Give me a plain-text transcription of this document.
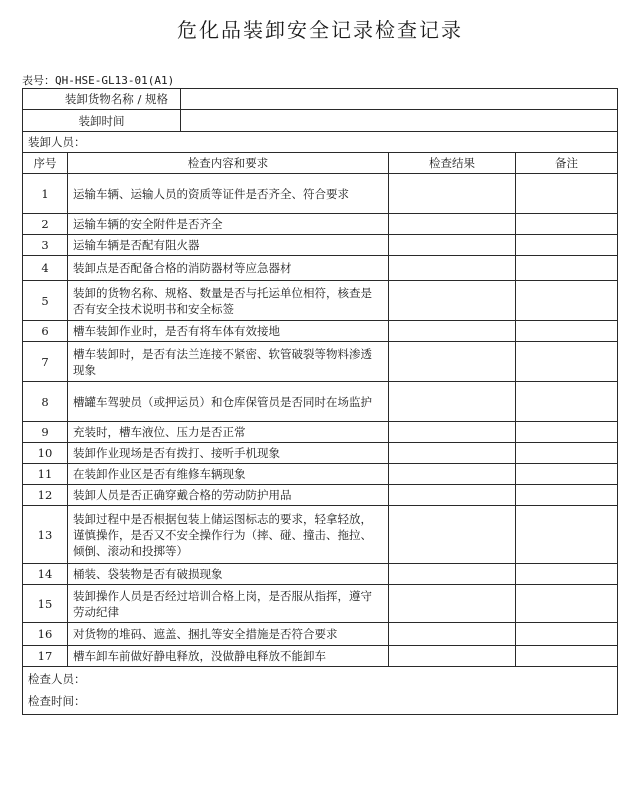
危化品装卸安全记录检查记录
表号：QH-HSE-GL13-01(A1)
装卸货物名称 / 规格				
装卸时间				
装卸人员：				
序号	检查内容和要求		检查结果	备注
1	运输车辆、运输人员的资质等证件是否齐全、符合要求			
2	运输车辆的安全附件是否齐全			
3	运输车辆是否配有阻火器			
4	装卸点是否配备合格的消防器材等应急器材			
5	装卸的货物名称、规格、数量是否与托运单位相符，核查是否有安全技术说明书和安全标签			
6	槽车装卸作业时，是否有将车体有效接地			
7	槽车装卸时，是否有法兰连接不紧密、软管破裂等物料渗透现象			
8	槽罐车驾驶员（或押运员）和仓库保管员是否同时在场监护			
9	充装时，槽车液位、压力是否正常			
10	装卸作业现场是否有拨打、接听手机现象			
11	在装卸作业区是否有维修车辆现象			
12	装卸人员是否正确穿戴合格的劳动防护用品			
13	装卸过程中是否根据包装上储运图标志的要求，轻拿轻放，谨慎操作，是否又不安全操作行为（摔、碰、撞击、拖拉、倾倒、滚动和投掷等）			
14	桶装、袋装物是否有破损现象			
15	装卸操作人员是否经过培训合格上岗，是否服从指挥，遵守劳动纪律			
16	对货物的堆码、遮盖、捆扎等安全措施是否符合要求			
17	槽车卸车前做好静电释放，没做静电释放不能卸车			

检查人员：
检查时间：				
